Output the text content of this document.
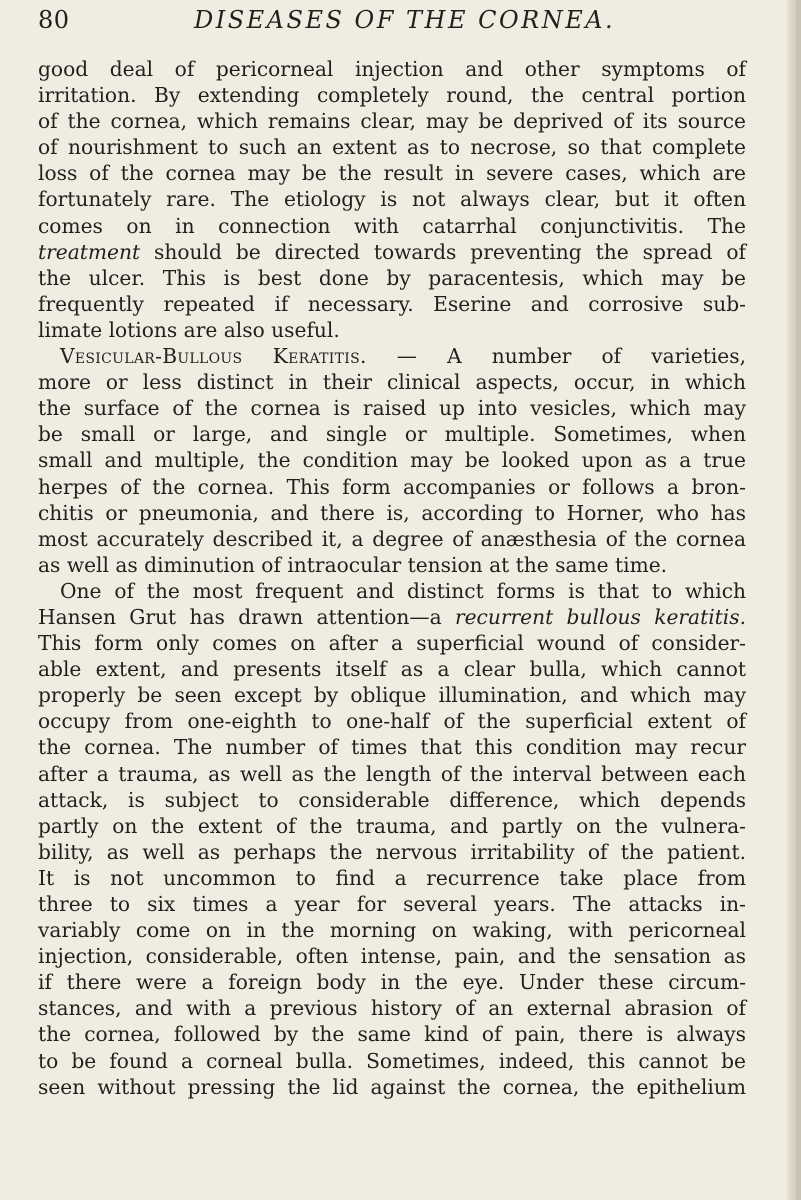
80	DISEASES OF THE CORNEA.
good deal of pericorneal injection and other symptoms of
irritation. By extending completely round, the central portion
of the cornea, which remains clear, may be deprived of its source
of nourishment to such an extent as to necrose, so that complete
loss of the cornea may be the result in severe cases, which are
fortunately rare. The etiology is not always clear, but it often
comes on in connection with catarrhal conjunctivitis. The
treatment should be directed towards preventing the spread of
the ulcer. This is best done by paracentesis, which may be
frequently repeated if necessary. Eserine and corrosive sub-
limate lotions are also useful.
Vesicular-Bullous Keratitis. — A number of varieties,
more or less distinct in their clinical aspects, occur, in which
the surface of the cornea is raised up into vesicles, which may
be small or large, and single or multiple. Sometimes, when
small and multiple, the condition may be looked upon as a true
herpes of the cornea. This form accompanies or follows a bron-
chitis or pneumonia, and there is, according to Horner, who has
most accurately described it, a degree of anæsthesia of the cornea
as well as diminution of intraocular tension at the same time.
One of the most frequent and distinct forms is that to which
Hansen Grut has drawn attention—a recurrent bullous keratitis.
This form only comes on after a superficial wound of consider-
able extent, and presents itself as a clear bulla, which cannot
properly be seen except by oblique illumination, and which may
occupy from one-eighth to one-half of the superficial extent of
the cornea. The number of times that this condition may recur
after a trauma, as well as the length of the interval between each
attack, is subject to considerable difference, which depends
partly on the extent of the trauma, and partly on the vulnera-
bility, as well as perhaps the nervous irritability of the patient.
It is not uncommon to find a recurrence take place from
three to six times a year for several years. The attacks in-
variably come on in the morning on waking, with pericorneal
injection, considerable, often intense, pain, and the sensation as
if there were a foreign body in the eye. Under these circum-
stances, and with a previous history of an external abrasion of
the cornea, followed by the same kind of pain, there is always
to be found a corneal bulla. Sometimes, indeed, this cannot be
seen without pressing the lid against the cornea, the epithelium
